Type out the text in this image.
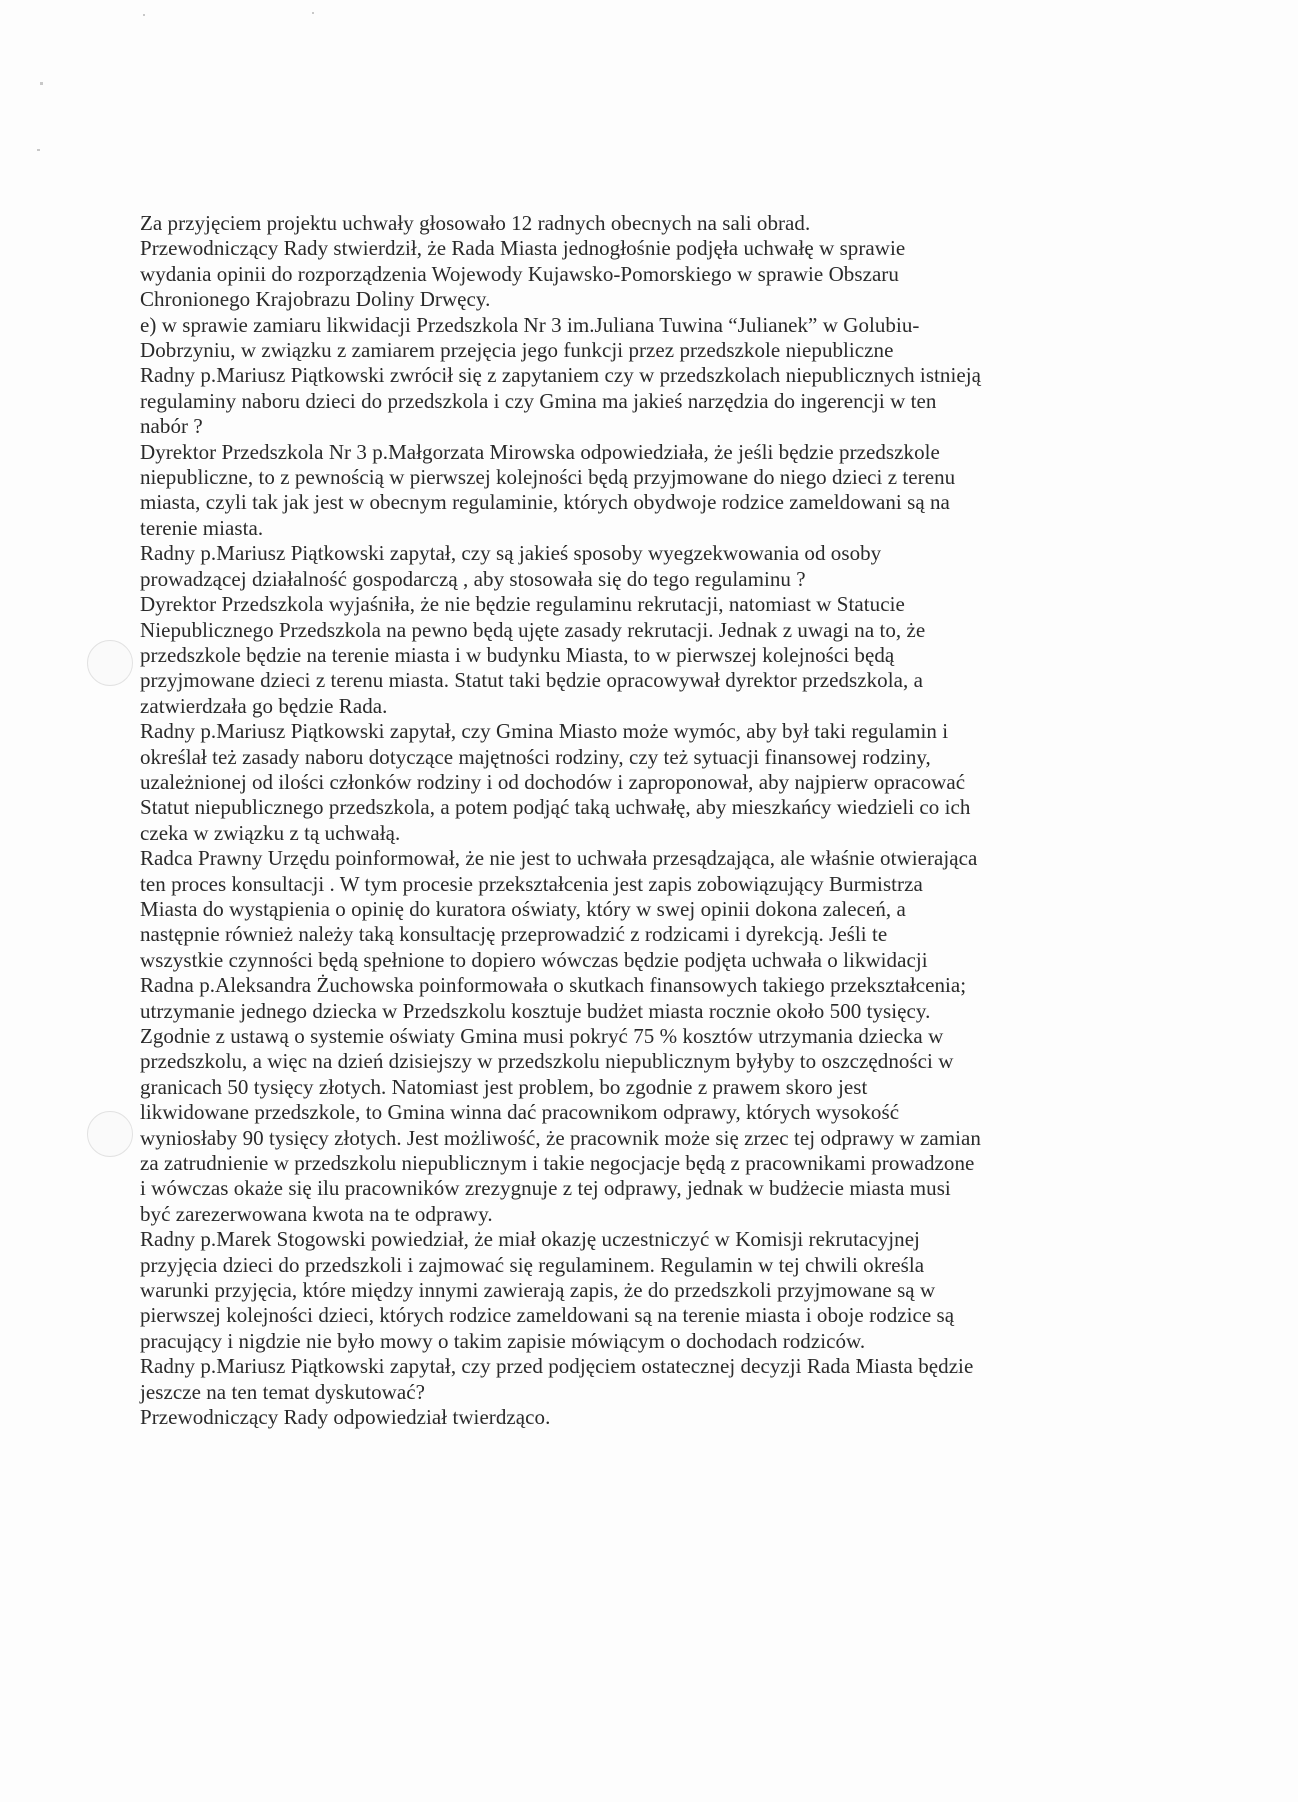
Za przyjęciem projektu uchwały głosowało 12 radnych obecnych na sali obrad.
Przewodniczący Rady stwierdził, że Rada Miasta jednogłośnie podjęła uchwałę w sprawie
wydania opinii do rozporządzenia Wojewody Kujawsko-Pomorskiego w sprawie Obszaru
Chronionego Krajobrazu Doliny Drwęcy.
e) w sprawie zamiaru likwidacji Przedszkola Nr 3 im.Juliana Tuwina “Julianek” w Golubiu-
Dobrzyniu, w związku z zamiarem przejęcia jego funkcji przez przedszkole niepubliczne
Radny p.Mariusz Piątkowski zwrócił się z zapytaniem czy w przedszkolach niepublicznych istnieją
regulaminy naboru dzieci do przedszkola i czy Gmina ma jakieś narzędzia do ingerencji w ten
nabór ?
Dyrektor Przedszkola Nr 3 p.Małgorzata Mirowska odpowiedziała, że jeśli będzie przedszkole
niepubliczne, to z pewnością w pierwszej kolejności będą przyjmowane do niego dzieci z terenu
miasta, czyli tak jak jest w obecnym regulaminie, których obydwoje rodzice zameldowani są na
terenie miasta.
Radny p.Mariusz Piątkowski zapytał, czy są jakieś sposoby wyegzekwowania od osoby
prowadzącej działalność gospodarczą , aby stosowała się do tego regulaminu ?
Dyrektor Przedszkola wyjaśniła, że nie będzie regulaminu rekrutacji, natomiast w Statucie
Niepublicznego Przedszkola na pewno będą ujęte zasady rekrutacji. Jednak z uwagi na to, że
przedszkole będzie na terenie miasta i w budynku Miasta, to w pierwszej kolejności będą
przyjmowane dzieci z terenu miasta. Statut taki będzie opracowywał dyrektor przedszkola, a
zatwierdzała go będzie Rada.
Radny p.Mariusz Piątkowski zapytał, czy Gmina Miasto może wymóc, aby był taki regulamin i
określał też zasady naboru dotyczące majętności rodziny, czy też sytuacji finansowej rodziny,
uzależnionej od ilości członków rodziny i od dochodów i zaproponował, aby najpierw opracować
Statut niepublicznego przedszkola, a potem podjąć taką uchwałę, aby mieszkańcy wiedzieli co ich
czeka w związku z tą uchwałą.
Radca Prawny Urzędu poinformował, że nie jest to uchwała przesądzająca, ale właśnie otwierająca
ten proces konsultacji . W tym procesie przekształcenia jest zapis zobowiązujący Burmistrza
Miasta do wystąpienia o opinię do kuratora oświaty, który w swej opinii dokona zaleceń, a
następnie również należy taką konsultację przeprowadzić z rodzicami i dyrekcją. Jeśli te
wszystkie czynności będą spełnione to dopiero wówczas będzie podjęta uchwała o likwidacji
Radna p.Aleksandra Żuchowska poinformowała o skutkach finansowych takiego przekształcenia;
utrzymanie jednego dziecka w Przedszkolu kosztuje budżet miasta rocznie około 500 tysięcy.
Zgodnie z ustawą o systemie oświaty Gmina musi pokryć 75 % kosztów utrzymania dziecka w
przedszkolu, a więc na dzień dzisiejszy w przedszkolu niepublicznym byłyby to oszczędności w
granicach 50 tysięcy złotych. Natomiast jest problem, bo zgodnie z prawem skoro jest
likwidowane przedszkole, to Gmina winna dać pracownikom odprawy, których wysokość
wyniosłaby 90 tysięcy złotych. Jest możliwość, że pracownik może się zrzec tej odprawy w zamian
za zatrudnienie w przedszkolu niepublicznym i takie negocjacje będą z pracownikami prowadzone
i wówczas okaże się ilu pracowników zrezygnuje z tej odprawy, jednak w budżecie miasta musi
być zarezerwowana kwota na te odprawy.
Radny p.Marek Stogowski powiedział, że miał okazję uczestniczyć w Komisji rekrutacyjnej
przyjęcia dzieci do przedszkoli i zajmować się regulaminem. Regulamin w tej chwili określa
warunki przyjęcia, które między innymi zawierają zapis, że do przedszkoli przyjmowane są w
pierwszej kolejności dzieci, których rodzice zameldowani są na terenie miasta i oboje rodzice są
pracujący i nigdzie nie było mowy o takim zapisie mówiącym o dochodach rodziców.
Radny p.Mariusz Piątkowski zapytał, czy przed podjęciem ostatecznej decyzji Rada Miasta będzie
jeszcze na ten temat dyskutować?
Przewodniczący Rady odpowiedział twierdząco.
